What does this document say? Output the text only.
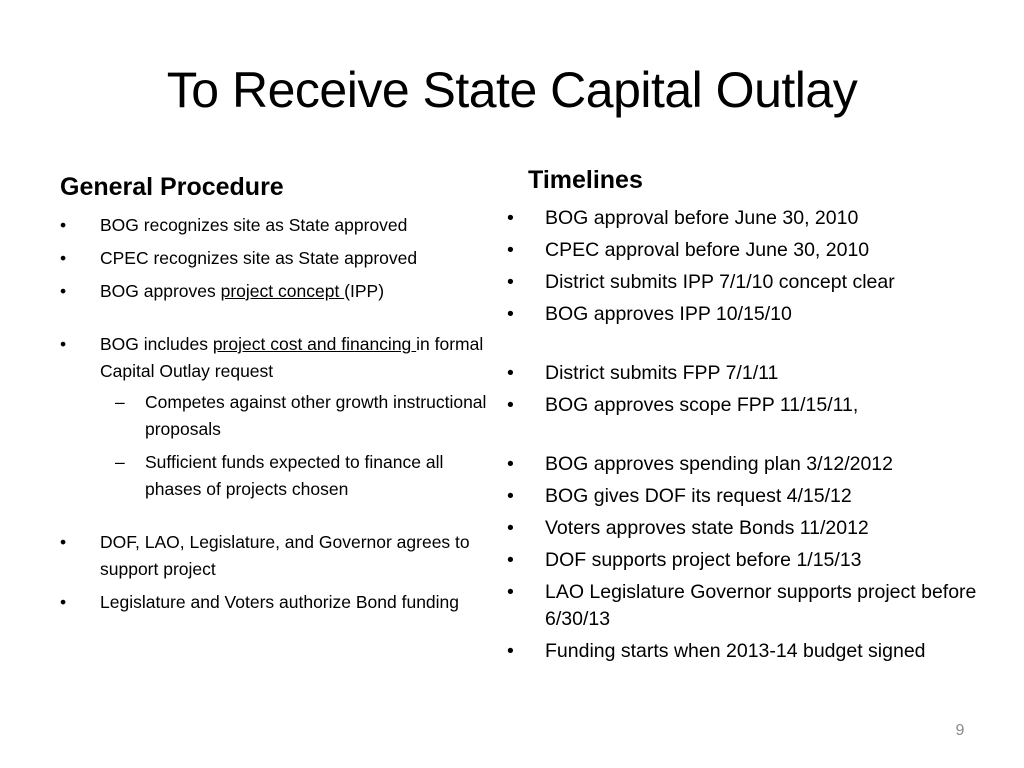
To Receive State Capital Outlay
General Procedure
•	BOG recognizes site as State approved
•	CPEC recognizes site as State approved
•	BOG approves project concept (IPP)
•	BOG includes project cost and financing in formal Capital Outlay request
– Competes against other growth instructional proposals
– Sufficient funds expected to finance all phases of projects chosen
•	DOF, LAO, Legislature, and Governor agrees to support project
•	Legislature and Voters authorize Bond funding
Timelines
• BOG approval before June 30, 2010
• CPEC approval before June 30, 2010
• District submits IPP 7/1/10 concept clear
• BOG approves IPP 10/15/10
• District submits FPP 7/1/11
• BOG approves scope FPP 11/15/11,
• BOG approves spending plan 3/12/2012
• BOG gives DOF its request 4/15/12
• Voters approves state Bonds 11/2012
• DOF supports project before 1/15/13
• LAO Legislature Governor supports project before 6/30/13
• Funding starts when 2013-14 budget signed
9
